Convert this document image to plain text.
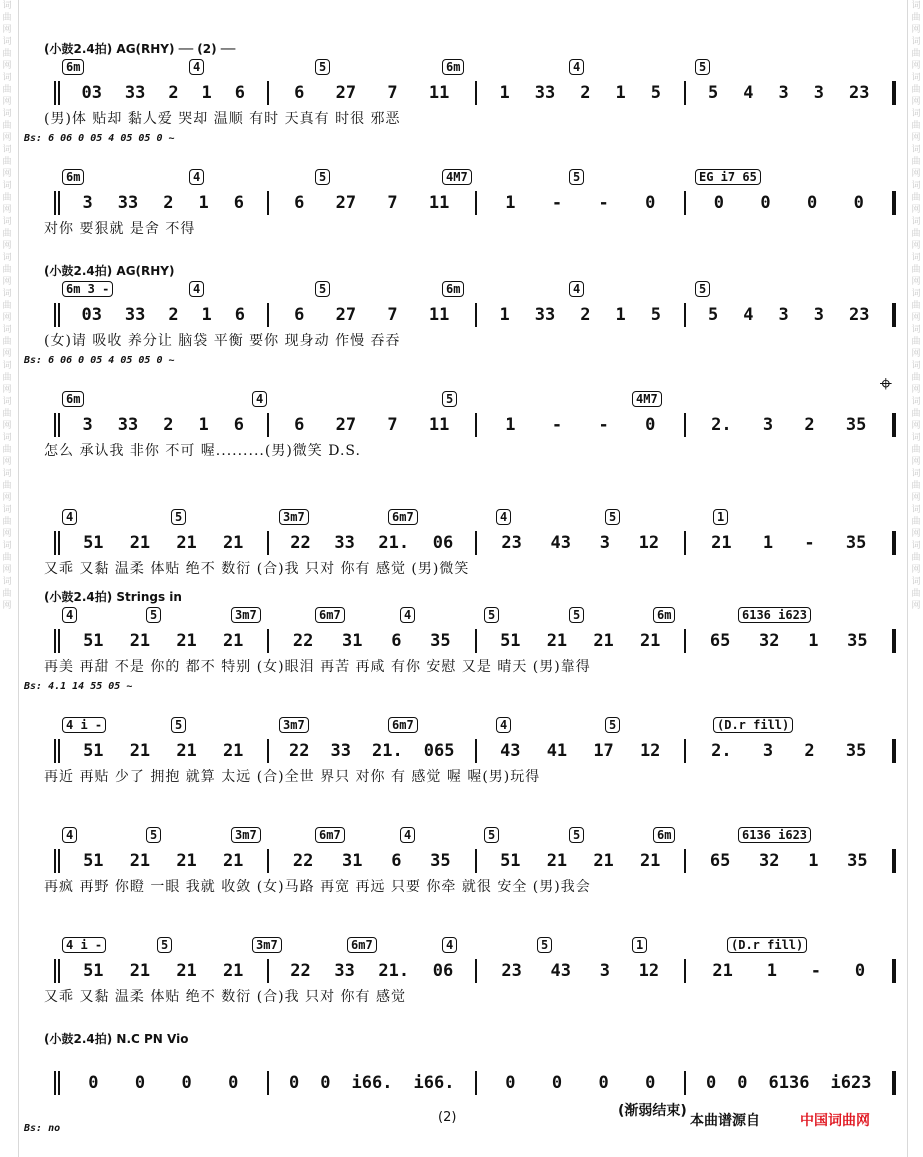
词
曲
网
词
曲
网
词
曲
网
词
曲
网
词
曲
网
词
曲
网
词
曲
网
词
曲
网
词
曲
网
词
曲
网
词
曲
网
词
曲
网
词
曲
网
词
曲
网
词
曲
网
词
曲
网
词
曲
网
词
曲
网
词
曲
网
词
曲
网
词
曲
网
词
曲
网
词
曲
网
词
曲
网
词
曲
网
词
曲
网
词
曲
网
词
曲
网
词
曲
网
词
曲
网
词
曲
网
词
曲
网
词
曲
网
词
曲
网
(小鼓2.4拍) AG(RHY) ── (2) ──
6m	4	5	6m	4	5
03 33 2 1 6	6 27 7 11	1 33 2 1 5	5 4 3 3 23
(男)体 贴却 黏人爱 哭却 温顺 有时 天真有 时很 邪恶
Bs: 6 06 0 05 4 05 05 0 ~
6m	4	5	4M7	5	EG i7 65
3 33 2 1 6	6 27 7 11	1 - - 0	0 0 0 0
对你 要狠就 是舍 不得
(小鼓2.4拍) AG(RHY)
6m 3 -	4	5	6m	4	5
03 33 2 1 6	6 27 7 11	1 33 2 1 5	5 4 3 3 23
(女)请 吸收 养分让 脑袋 平衡 要你 现身动 作慢 吞吞
Bs: 6 06 0 05 4 05 05 0 ~
6m	4	5	4M7
3 33 2 1 6	6 27 7 11	1 - - 0	2. 3 2 35
⌖
怎么 承认我 非你 不可 喔.........(男)微笑 D.S.
4	5	3m7	6m7	4	5	1
51 21 21 21	22 33 21. 06	23 43 3 12	21 1 - 35
又乖 又黏 温柔 体贴 绝不 数衍 (合)我 只对 你有 感觉 (男)微笑
(小鼓2.4拍) Strings in
4	5	3m7	6m7	4	5	5	6m	6136 i623
51 21 21 21	22 31 6 35	51 21 21 21	65 32 1 35
再美 再甜 不是 你的 都不 特别 (女)眼泪 再苦 再咸 有你 安慰 又是 晴天 (男)靠得
Bs: 4.1 14 55 05 ~
4 i -	5	3m7	6m7	4	5	(D.r fill)
51 21 21 21	22 33 21. 065	43 41 17 12	2. 3 2 35
再近 再贴 少了 拥抱 就算 太远 (合)全世 界只 对你 有 感觉 喔 喔(男)玩得
4	5	3m7	6m7	4	5	5	6m	6136 i623
51 21 21 21	22 31 6 35	51 21 21 21	65 32 1 35
再疯 再野 你瞪 一眼 我就 收敛 (女)马路 再宽 再远 只要 你牵 就很 安全 (男)我会
4 i -	5	3m7	6m7	4	5	1	(D.r fill)
51 21 21 21	22 33 21. 06	23 43 3 12	21 1 - 0
又乖 又黏 温柔 体贴 绝不 数衍 (合)我 只对 你有 感觉
(小鼓2.4拍) N.C PN Vio
0 0 0 0	0 0 i66. i66.	0 0 0 0	0 0 6136 i623
Bs: no
(2)	(渐弱结束)
本曲谱源自	中国词曲网
